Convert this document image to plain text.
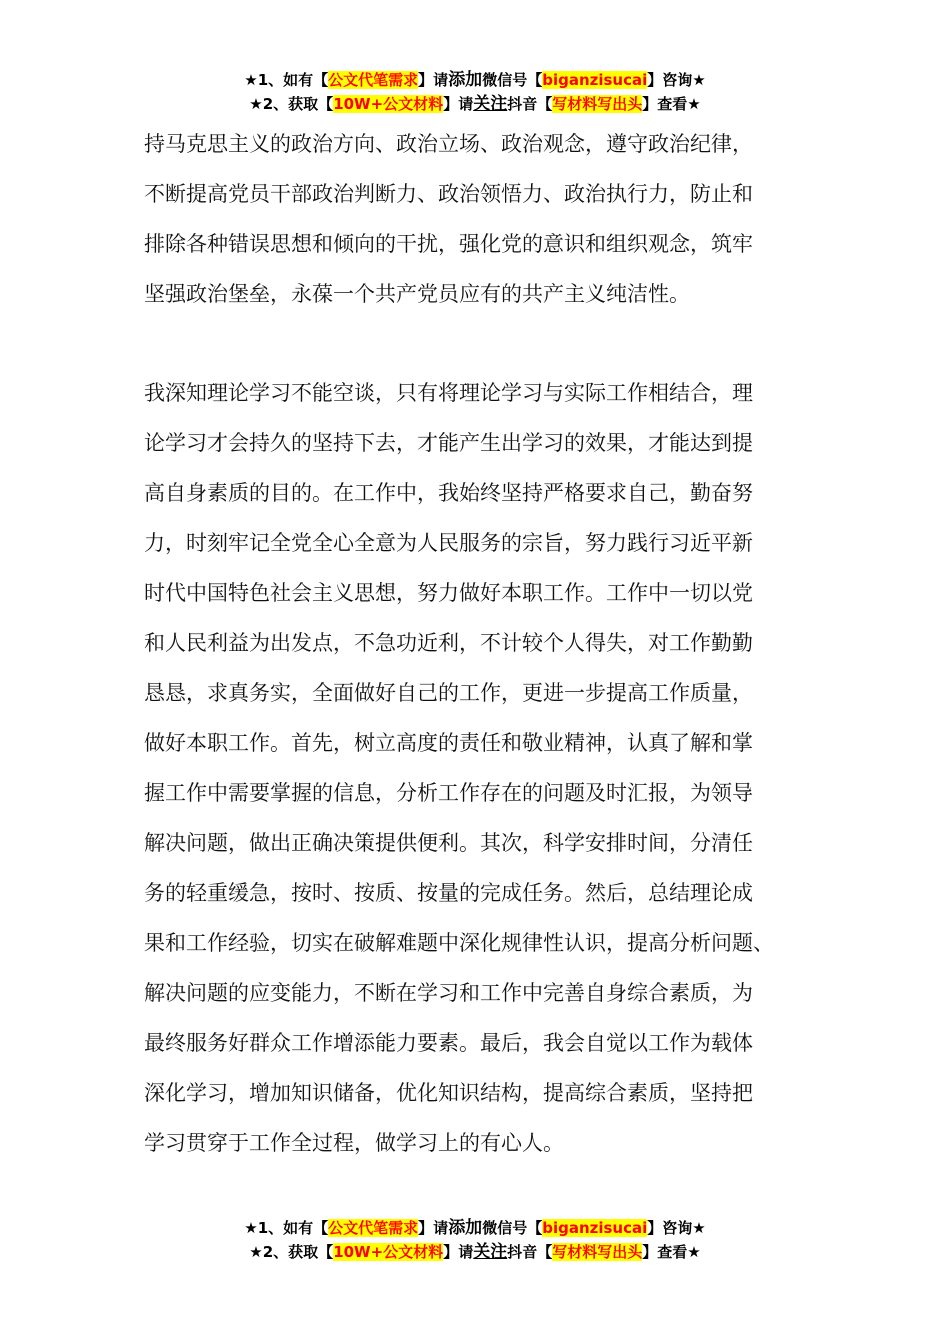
★1、如有【公文代笔需求】请添加微信号【biganzisucai】咨询★
★2、获取【10W+公文材料】请关注抖音【写材料写出头】查看★
持马克思主义的政治方向、政治立场、政治观念，遵守政治纪律，
不断提高党员干部政治判断力、政治领悟力、政治执行力，防止和
排除各种错误思想和倾向的干扰，强化党的意识和组织观念，筑牢
坚强政治堡垒，永葆一个共产党员应有的共产主义纯洁性。
我深知理论学习不能空谈，只有将理论学习与实际工作相结合，理
论学习才会持久的坚持下去，才能产生出学习的效果，才能达到提
高自身素质的目的。在工作中，我始终坚持严格要求自己，勤奋努
力，时刻牢记全党全心全意为人民服务的宗旨，努力践行习近平新
时代中国特色社会主义思想，努力做好本职工作。工作中一切以党
和人民利益为出发点，不急功近利，不计较个人得失，对工作勤勤
恳恳，求真务实，全面做好自己的工作，更进一步提高工作质量，
做好本职工作。首先，树立高度的责任和敬业精神，认真了解和掌
握工作中需要掌握的信息，分析工作存在的问题及时汇报，为领导
解决问题，做出正确决策提供便利。其次，科学安排时间，分清任
务的轻重缓急，按时、按质、按量的完成任务。然后，总结理论成
果和工作经验，切实在破解难题中深化规律性认识，提高分析问题、
解决问题的应变能力，不断在学习和工作中完善自身综合素质，为
最终服务好群众工作增添能力要素。最后，我会自觉以工作为载体
深化学习，增加知识储备，优化知识结构，提高综合素质，坚持把
学习贯穿于工作全过程，做学习上的有心人。
★1、如有【公文代笔需求】请添加微信号【biganzisucai】咨询★
★2、获取【10W+公文材料】请关注抖音【写材料写出头】查看★
